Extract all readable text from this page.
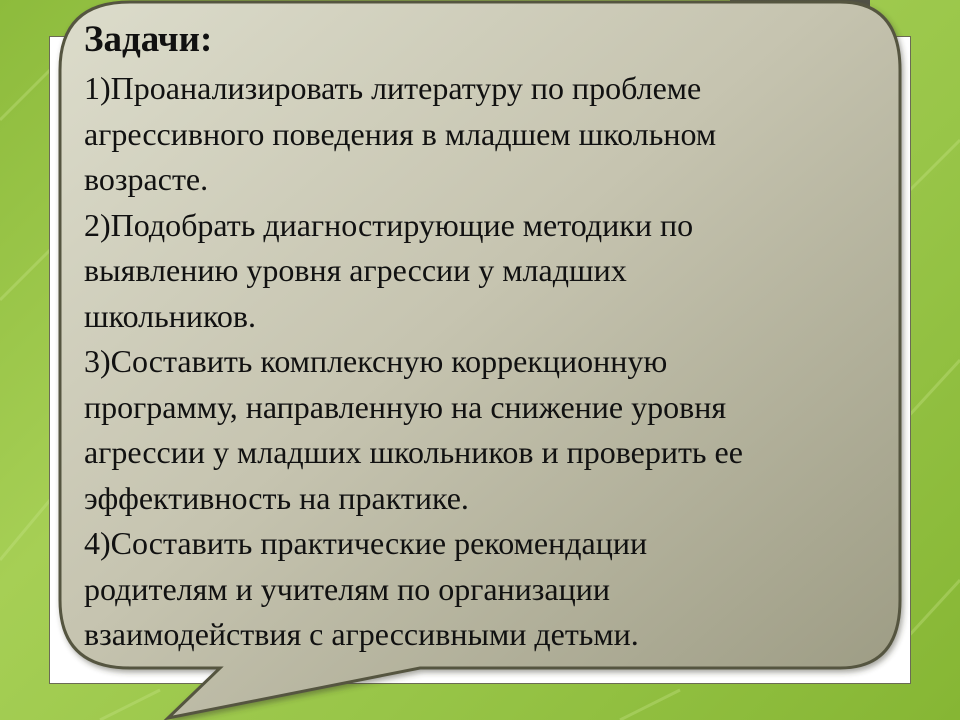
Задачи:

1)Проанализировать литературу по проблеме

агрессивного поведения в младшем школьном

возрасте.

2)Подобрать диагностирующие методики по

выявлению уровня агрессии у младших

школьников.

3)Составить комплексную коррекционную

программу, направленную на снижение уровня

агрессии у младших школьников и проверить ее

эффективность на практике.

4)Составить практические рекомендации

родителям и учителям по организации

взаимодействия с агрессивными детьми.
